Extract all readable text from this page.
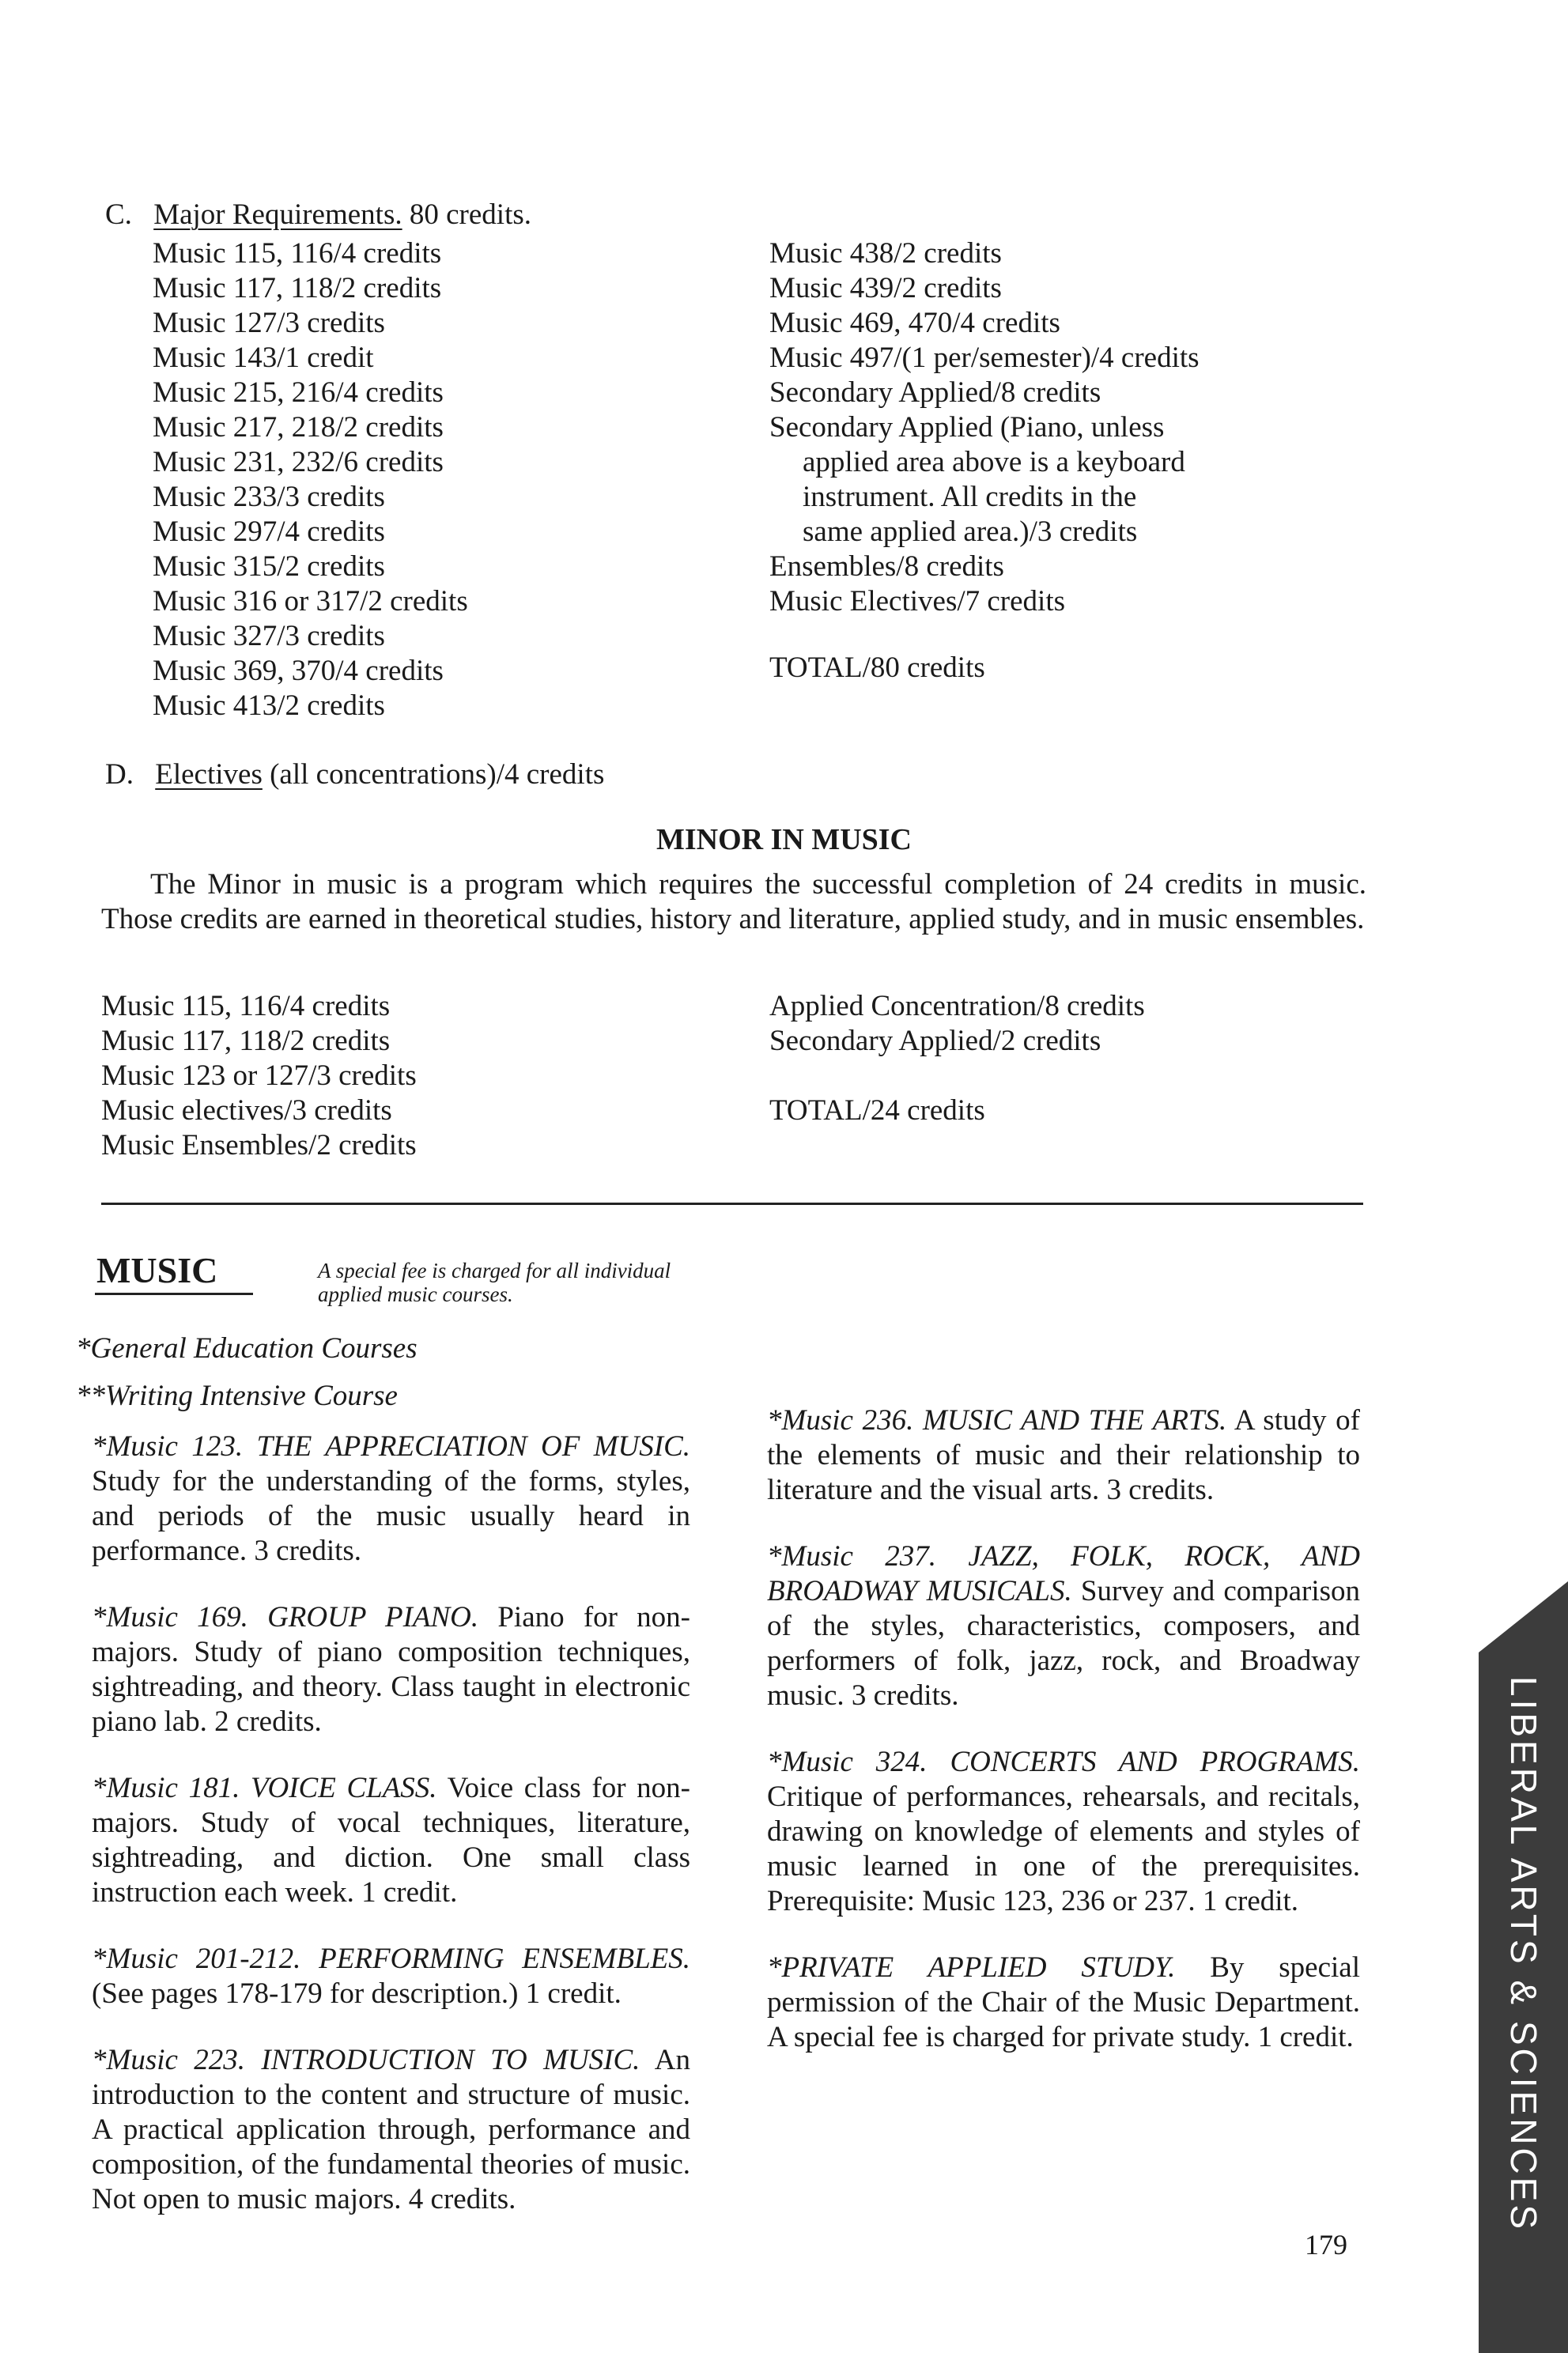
C. Major Requirements. 80 credits.
Music 115, 116/4 credits
Music 117, 118/2 credits
Music 127/3 credits
Music 143/1 credit
Music 215, 216/4 credits
Music 217, 218/2 credits
Music 231, 232/6 credits
Music 233/3 credits
Music 297/4 credits
Music 315/2 credits
Music 316 or 317/2 credits
Music 327/3 credits
Music 369, 370/4 credits
Music 413/2 credits
Music 438/2 credits
Music 439/2 credits
Music 469, 470/4 credits
Music 497/(1 per/semester)/4 credits
Secondary Applied/8 credits
Secondary Applied (Piano, unless
applied area above is a keyboard
instrument. All credits in the
same applied area.)/3 credits
Ensembles/8 credits
Music Electives/7 credits
TOTAL/80 credits
D. Electives (all concentrations)/4 credits
MINOR IN MUSIC
The Minor in music is a program which requires the successful completion of 24 credits in music. Those credits are earned in theoretical studies, history and literature, applied study, and in music ensembles.
Music 115, 116/4 credits
Music 117, 118/2 credits
Music 123 or 127/3 credits
Music electives/3 credits
Music Ensembles/2 credits
Applied Concentration/8 credits
Secondary Applied/2 credits
TOTAL/24 credits
MUSIC	A special fee is charged for all individual applied music courses.
*General Education Courses
**Writing Intensive Course
*Music 123. THE APPRECIATION OF MUSIC. Study for the understanding of the forms, styles, and periods of the music usually heard in performance. 3 credits.
*Music 169. GROUP PIANO. Piano for non-majors. Study of piano composition techniques, sightreading, and theory. Class taught in electronic piano lab. 2 credits.
*Music 181. VOICE CLASS. Voice class for non-majors. Study of vocal techniques, literature, sightreading, and diction. One small class instruction each week. 1 credit.
*Music 201-212. PERFORMING ENSEMBLES. (See pages 178-179 for description.) 1 credit.
*Music 223. INTRODUCTION TO MUSIC. An introduction to the content and structure of music. A practical application through, performance and composition, of the fundamental theories of music. Not open to music majors. 4 credits.
*Music 236. MUSIC AND THE ARTS. A study of the elements of music and their relationship to literature and the visual arts. 3 credits.
*Music 237. JAZZ, FOLK, ROCK, AND BROADWAY MUSICALS. Survey and comparison of the styles, characteristics, composers, and performers of folk, jazz, rock, and Broadway music. 3 credits.
*Music 324. CONCERTS AND PROGRAMS. Critique of performances, rehearsals, and recitals, drawing on knowledge of elements and styles of music learned in one of the prerequisites. Prerequisite: Music 123, 236 or 237. 1 credit.
*PRIVATE APPLIED STUDY. By special permission of the Chair of the Music Department. A special fee is charged for private study. 1 credit.	LIBERAL ARTS & SCIENCES
179
